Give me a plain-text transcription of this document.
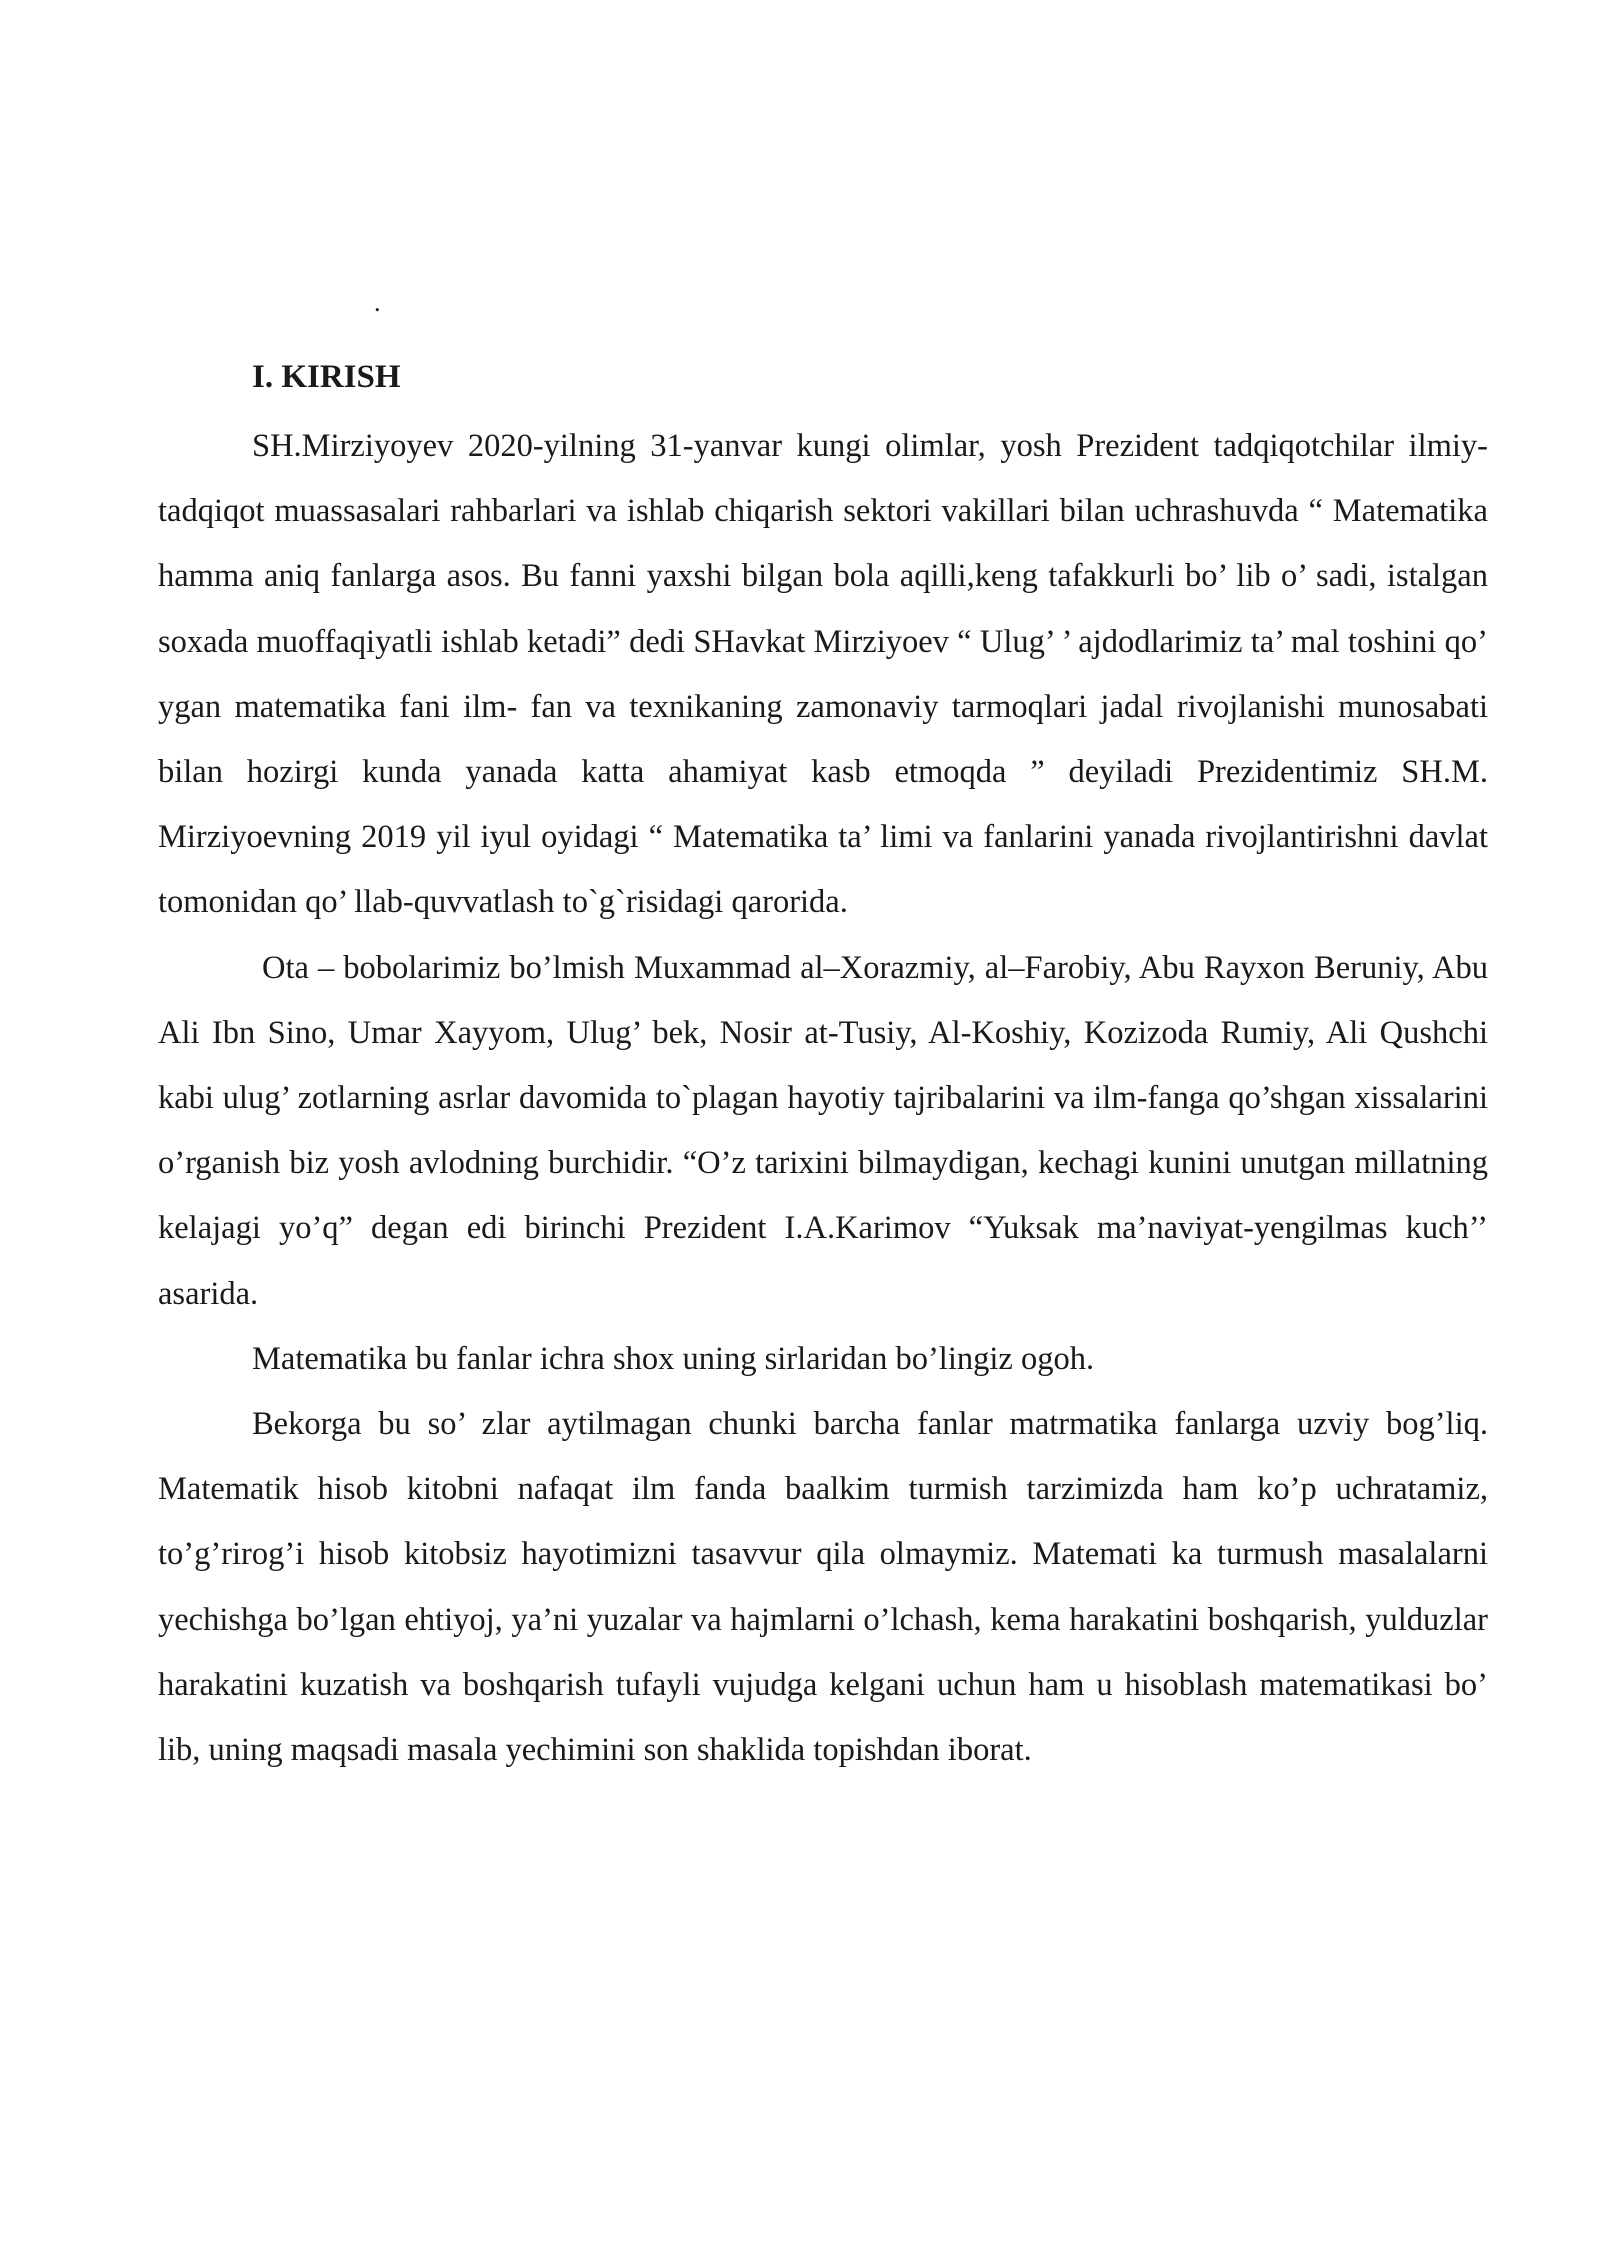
.
I. KIRISH

SH.Mirziyoyev 2020-yilning 31-yanvar kungi olimlar, yosh Prezident tadqiqotchilar ilmiy-tadqiqot muassasalari rahbarlari va ishlab chiqarish sektori vakillari bilan uchrashuvda “ Matematika hamma aniq fanlarga asos. Bu fanni yaxshi bilgan bola aqilli,keng tafakkurli bo’ lib o’ sadi, istalgan soxada muoffaqiyatli ishlab ketadi” dedi SHavkat Mirziyoev “ Ulug’ ’ ajdodlarimiz ta’ mal toshini qo’ ygan matematika fani ilm- fan va texnikaning zamonaviy tarmoqlari jadal rivojlanishi munosabati bilan hozirgi kunda yanada katta ahamiyat kasb etmoqda ” deyiladi Prezidentimiz SH.M. Mirziyoevning 2019 yil iyul oyidagi “ Matematika ta’ limi va fanlarini yanada rivojlantirishni davlat tomonidan qo’ llab-quvvatlash to`g`risidagi qarorida.

Ota – bobolarimiz bo’lmish Muxammad al–Xorazmiy, al–Farobiy, Abu Rayxon Beruniy, Abu Ali Ibn Sino, Umar Xayyom, Ulug’ bek, Nosir at-Tusiy, Al-Koshiy, Kozizoda Rumiy, Ali Qushchi kabi ulug’ zotlarning asrlar davomida to`plagan hayotiy tajribalarini va ilm-fanga qo’shgan xissalarini o’rganish biz yosh avlodning burchidir. “O’z tarixini bilmaydigan, kechagi kunini unutgan millatning kelajagi yo’q” degan edi birinchi Prezident I.A.Karimov “Yuksak ma’naviyat-yengilmas kuch’’ asarida.

Matematika bu fanlar ichra shox uning sirlaridan bo’lingiz ogoh.

Bekorga bu so’ zlar aytilmagan chunki barcha fanlar matrmatika fanlarga uzviy bog’liq. Matematik hisob kitobni nafaqat ilm fanda baalkim turmish tarzimizda ham ko’p uchratamiz, to’g’rirog’i hisob kitobsiz hayotimizni tasavvur qila olmaymiz. Matemati ka turmush masalalarni yechishga bo’lgan ehtiyoj, ya’ni yuzalar va hajmlarni o’lchash, kema harakatini boshqarish, yulduzlar harakatini kuzatish va boshqarish tufayli vujudga kelgani uchun ham u hisoblash matematikasi bo’ lib, uning maqsadi masala yechimini son shaklida topishdan iborat.
